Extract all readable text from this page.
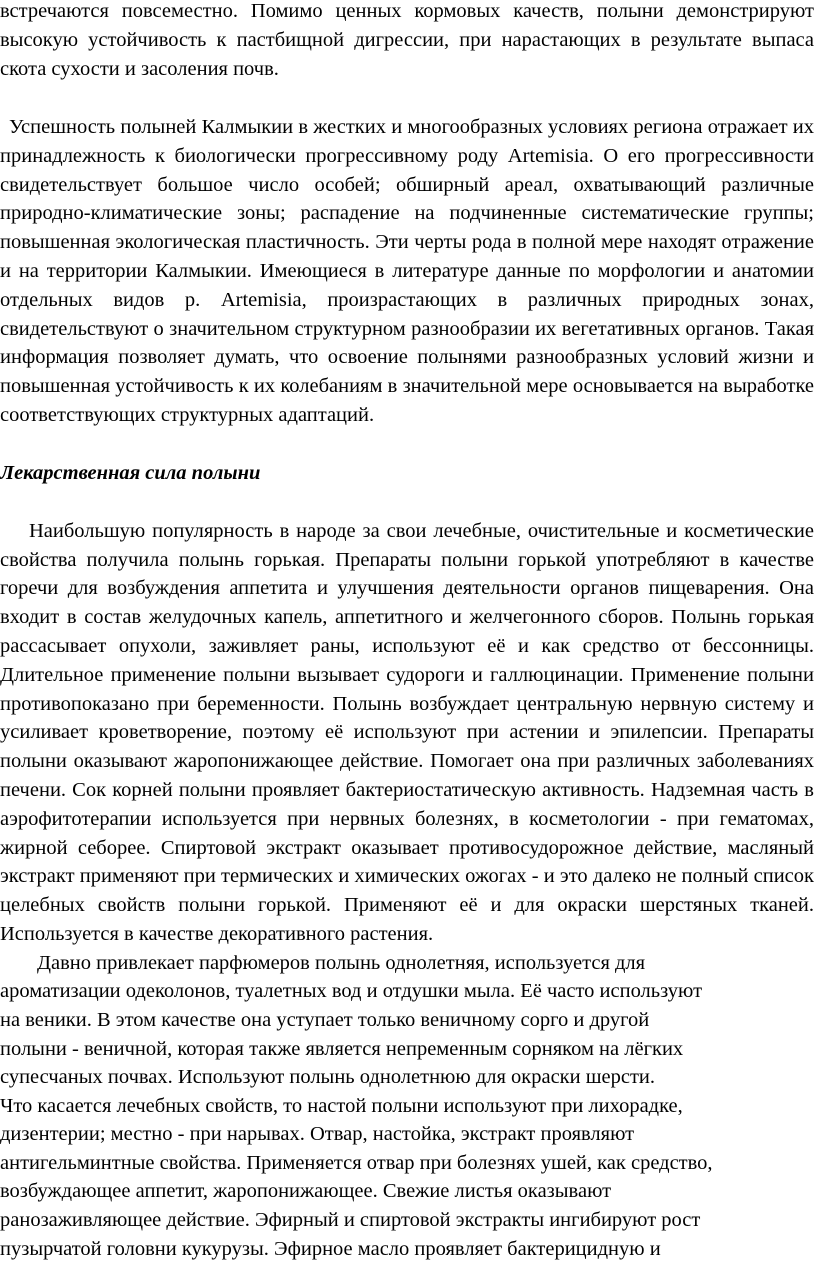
встречаются повсеместно. Помимо ценных кормовых качеств, полыни демонстрируют высокую устойчивость к пастбищной дигрессии, при нарастающих в результате выпаса скота сухости и засоления почв.

Успешность полыней Калмыкии в жестких и многообразных условиях региона отражает их принадлежность к биологически прогрессивному роду Artemisia. О его прогрессивности свидетельствует большое число особей; обширный ареал, охватывающий различные природно-климатические зоны; распадение на подчиненные систематические группы; повышенная экологическая пластичность. Эти черты рода в полной мере находят отражение и на территории Калмыкии. Имеющиеся в литературе данные по морфологии и анатомии отдельных видов р. Artemisia, произрастающих в различных природных зонах, свидетельствуют о значительном структурном разнообразии их вегетативных органов. Такая информация позволяет думать, что освоение полынями разнообразных условий жизни и повышенная устойчивость к их колебаниям в значительной мере основывается на выработке соответствующих структурных адаптаций.

Лекарственная сила полыни

Наибольшую популярность в народе за свои лечебные, очистительные и косметические свойства получила полынь горькая. Препараты полыни горькой употребляют в качестве горечи для возбуждения аппетита и улучшения деятельности органов пищеварения. Она входит в состав желудочных капель, аппетитного и желчегонного сборов. Полынь горькая рассасывает опухоли, заживляет раны, используют её и как средство от бессонницы. Длительное применение полыни вызывает судороги и галлюцинации. Применение полыни противопоказано при беременности. Полынь возбуждает центральную нервную систему и усиливает кроветворение, поэтому её используют при астении и эпилепсии. Препараты полыни оказывают жаропонижающее действие. Помогает она при различных заболеваниях печени. Сок корней полыни проявляет бактериостатическую активность. Надземная часть в аэрофитотерапии используется при нервных болезнях, в косметологии - при гематомах, жирной себорее. Спиртовой экстракт оказывает противосудорожное действие, масляный экстракт применяют при термических и химических ожогах - и это далеко не полный список целебных свойств полыни горькой. Применяют её и для окраски шерстяных тканей. Используется в качестве декоративного растения.

Давно привлекает парфюмеров полынь однолетняя, используется для

ароматизации одеколонов, туалетных вод и отдушки мыла. Её часто используют

на веники. В этом качестве она уступает только веничному сорго и другой

полыни - веничной, которая также является непременным сорняком на лёгких

супесчаных почвах. Используют полынь однолетнюю для окраски шерсти.

Что касается лечебных свойств, то настой полыни используют при лихорадке,

дизентерии; местно - при нарывах. Отвар, настойка, экстракт проявляют

антигельминтные свойства. Применяется отвар при болезнях ушей, как средство,

возбуждающее аппетит, жаропонижающее. Свежие листья оказывают

ранозаживляющее действие. Эфирный и спиртовой экстракты ингибируют рост

пузырчатой головни кукурузы. Эфирное масло проявляет бактерицидную и
